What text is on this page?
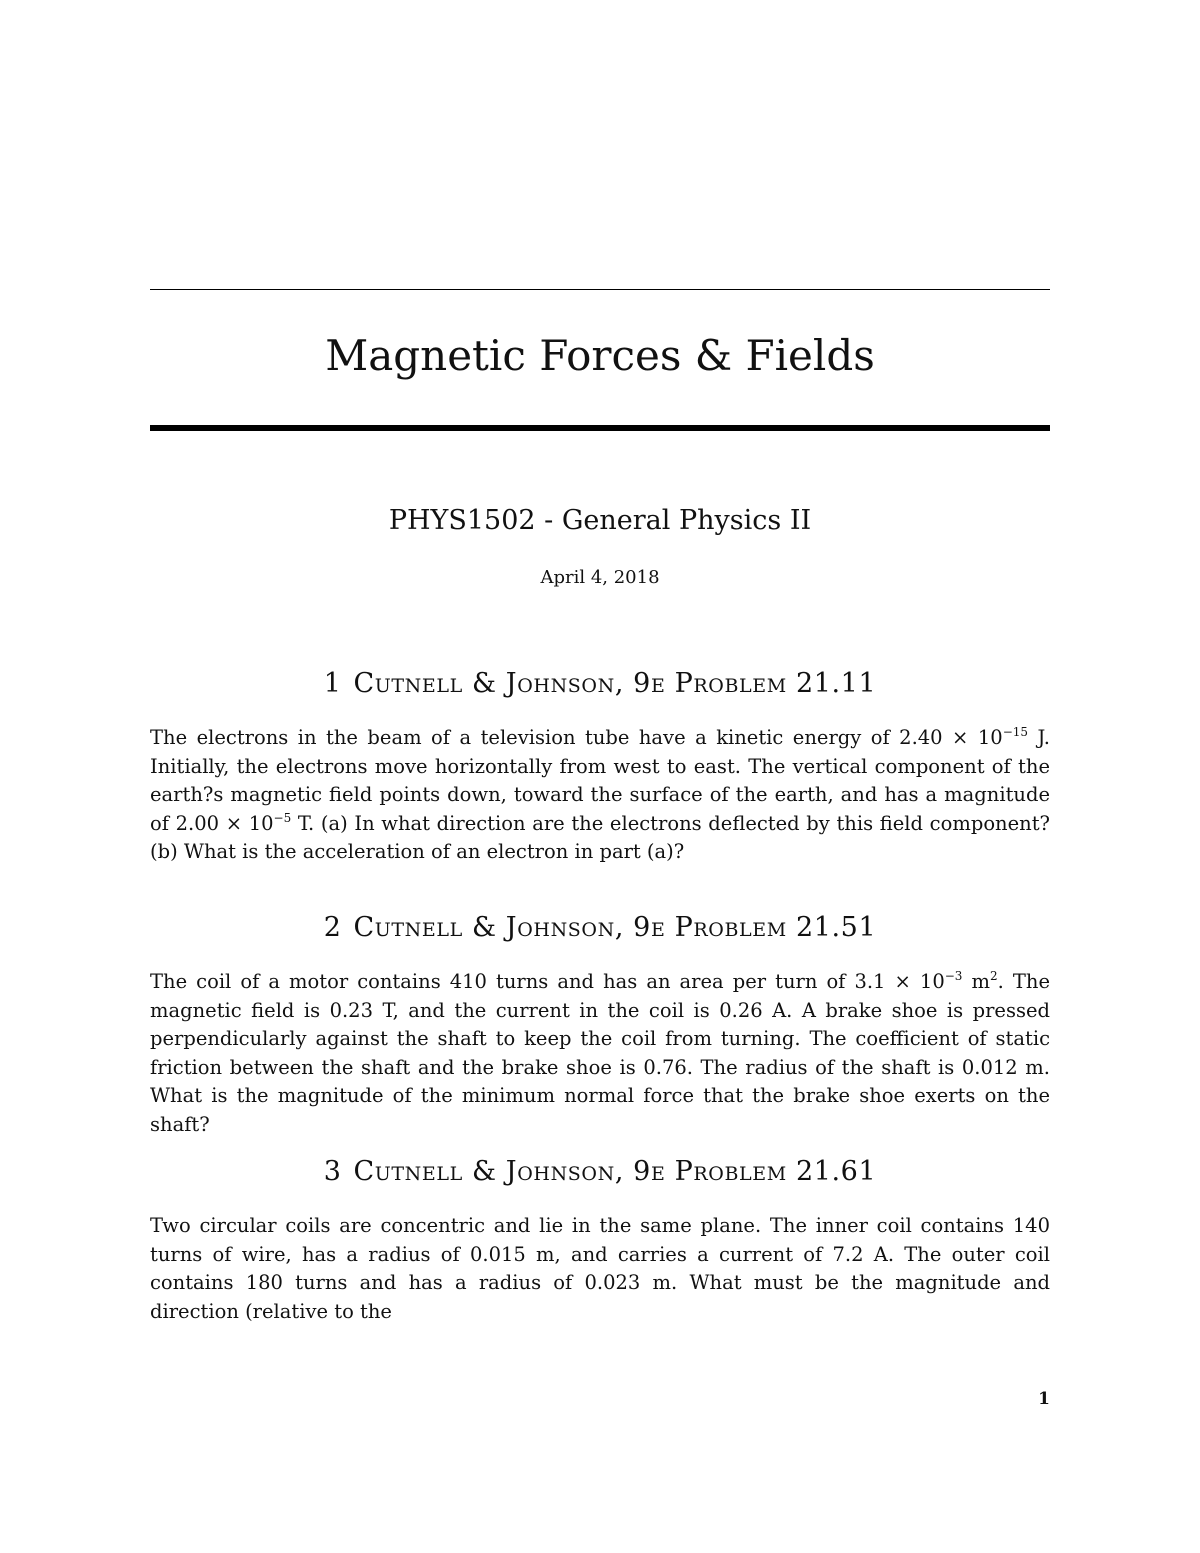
Magnetic Forces & Fields
PHYS1502 - General Physics II

April 4, 2018

1 Cutnell & Johnson, 9e Problem 21.11

The electrons in the beam of a television tube have a kinetic energy of $2.40 \times 10^{-15}$ J. Initially, the electrons move horizontally from west to east. The vertical component of the earth?s magnetic field points down, toward the surface of the earth, and has a magnitude of $2.00 \times 10^{-5}$ T. (a) In what direction are the electrons deflected by this field component? (b) What is the acceleration of an electron in part (a)?

2 Cutnell & Johnson, 9e Problem 21.51

The coil of a motor contains 410 turns and has an area per turn of $3.1 \times 10^{-3}$ $m^2$. The magnetic field is 0.23 T, and the current in the coil is 0.26 A. A brake shoe is pressed perpendicularly against the shaft to keep the coil from turning. The coefficient of static friction between the shaft and the brake shoe is 0.76. The radius of the shaft is 0.012 m. What is the magnitude of the minimum normal force that the brake shoe exerts on the shaft?

3 Cutnell & Johnson, 9e Problem 21.61

Two circular coils are concentric and lie in the same plane. The inner coil contains 140 turns of wire, has a radius of 0.015 m, and carries a current of 7.2 A. The outer coil contains 180 turns and has a radius of 0.023 m. What must be the magnitude and direction (relative to the

1
